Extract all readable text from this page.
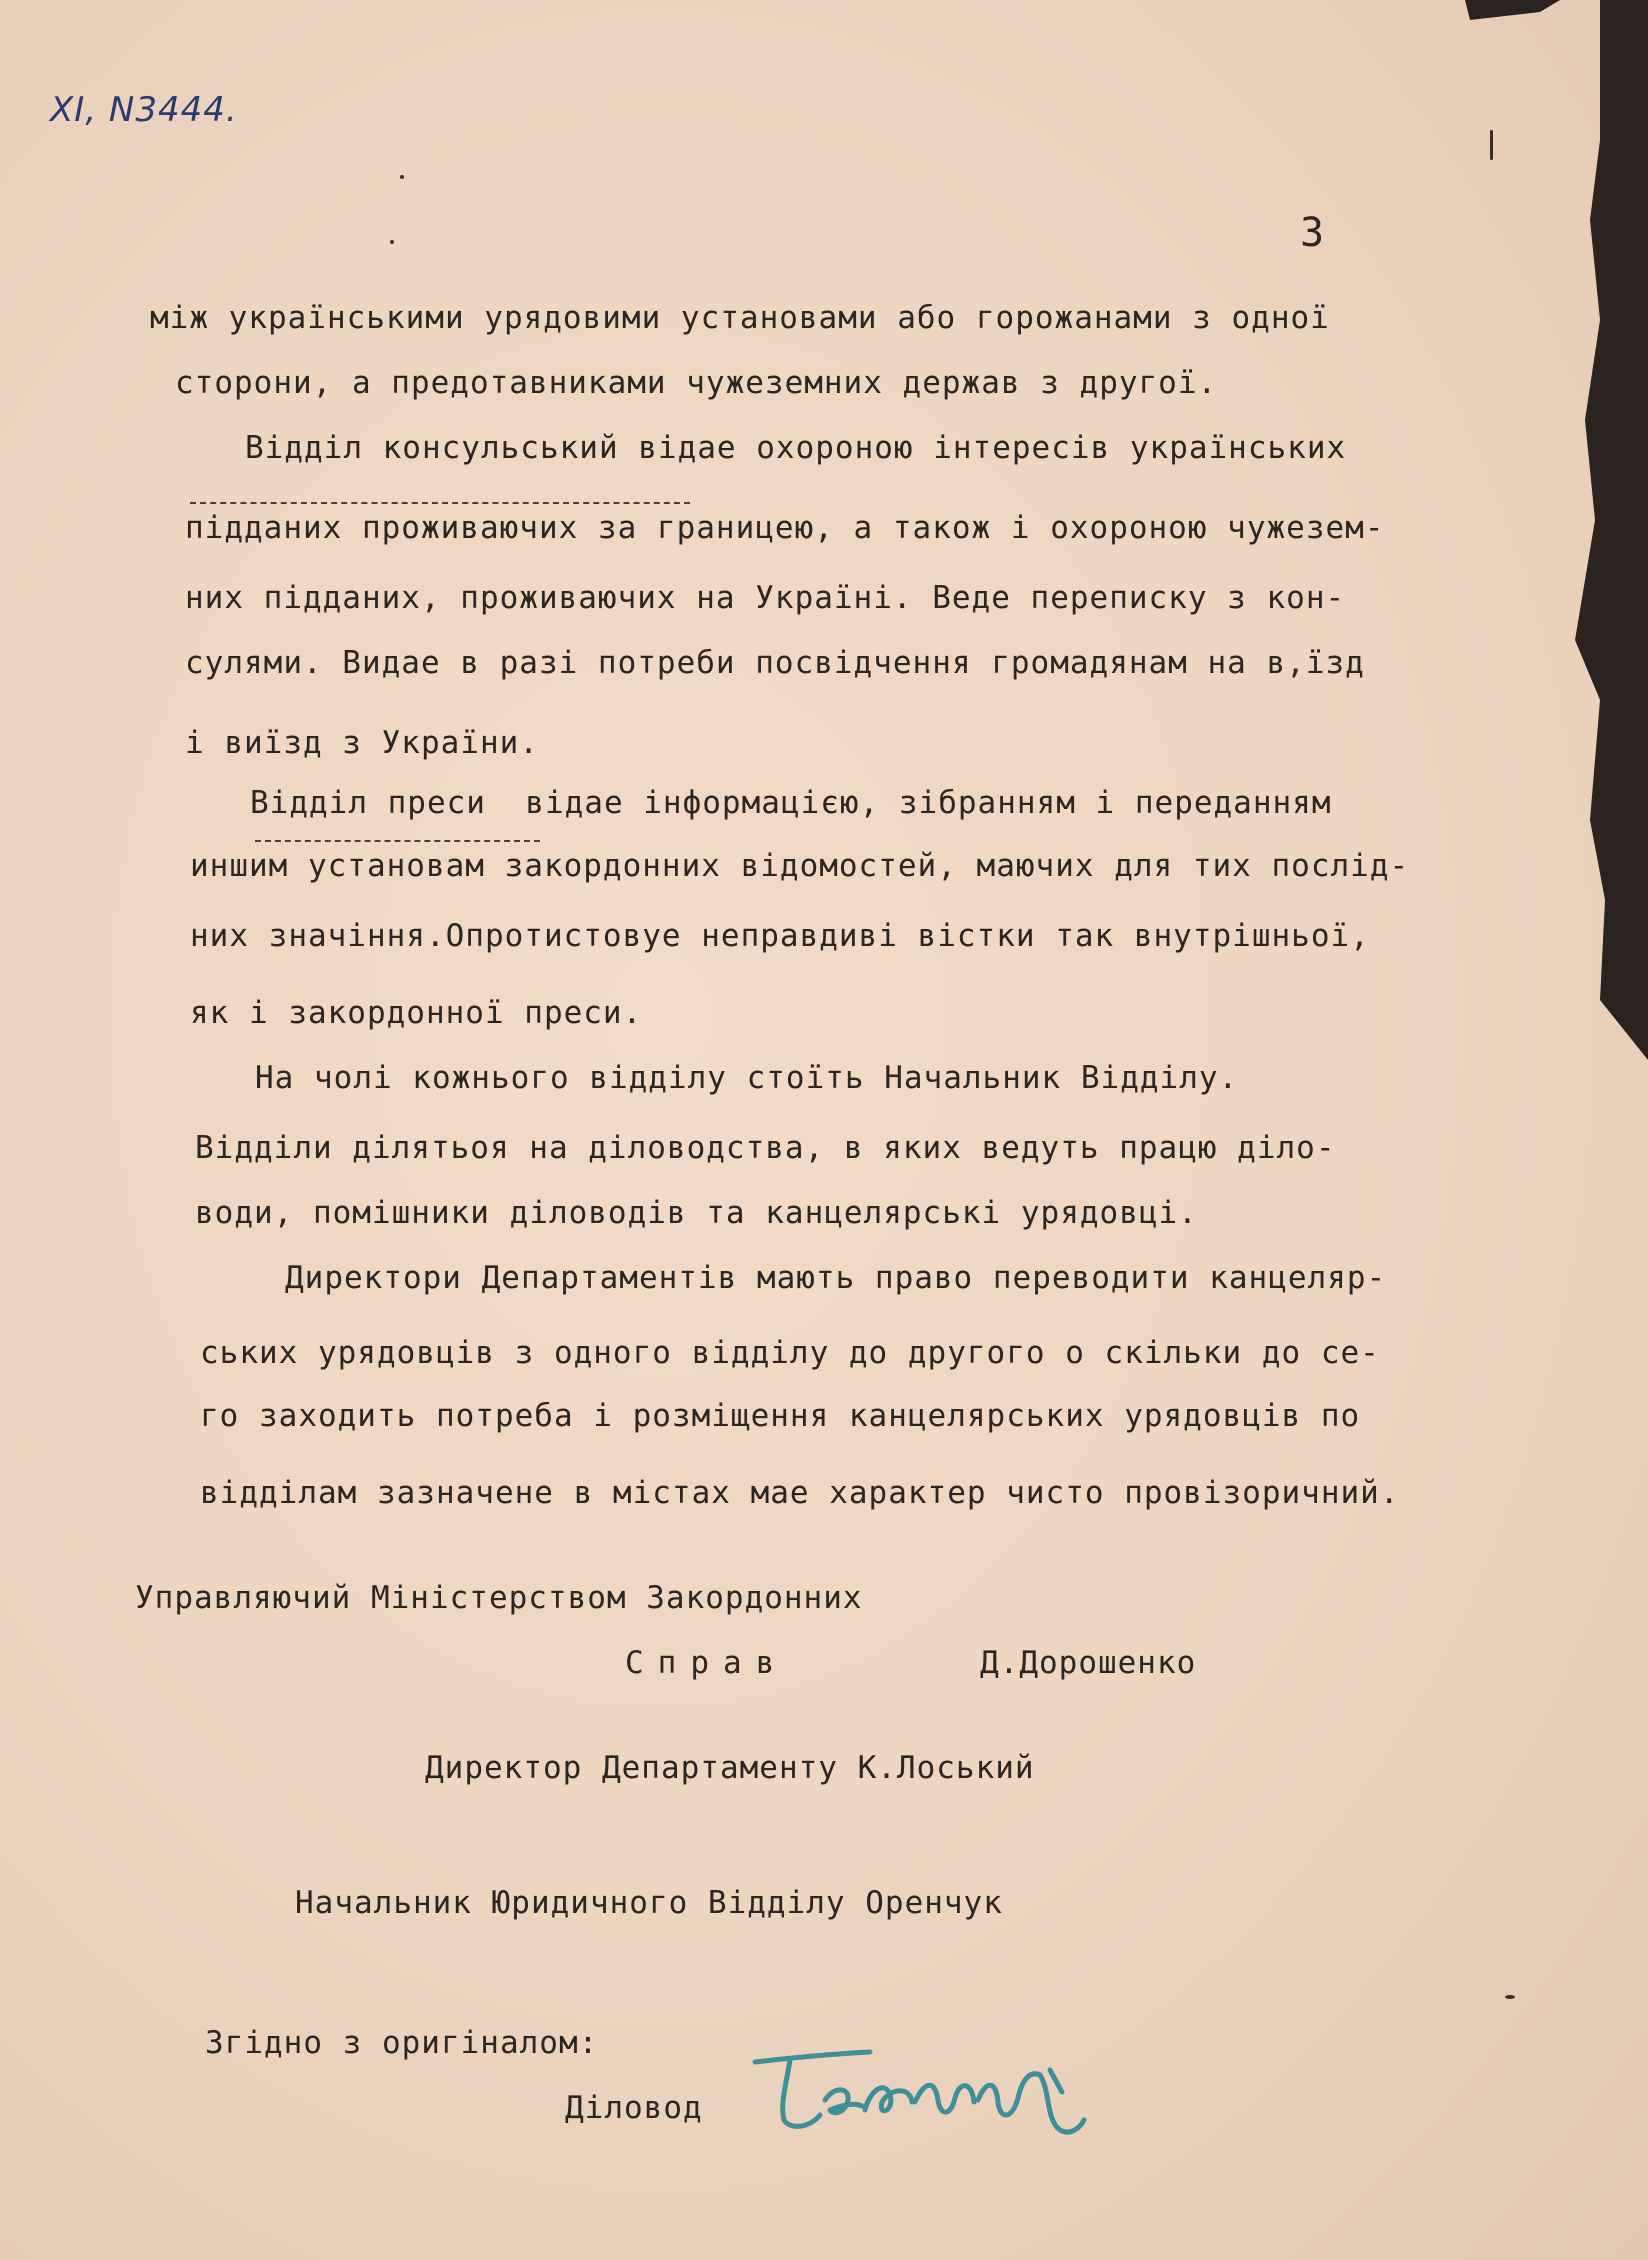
XI, N3444.
3
між українськими урядовими установами або горожанами з одної
сторони, а предотавниками чужеземних держав з другої.
Відділ консульський відае охороною інтересів українських
підданих проживаючих за границею, а також і охороною чужезем-
них підданих, проживаючих на Україні. Веде переписку з кон-
сулями. Видае в разі потреби посвідчення громадянам на в,їзд
і виїзд з України.
Відділ преси  відае інформацією, зібранням і переданням
иншим установам закордонних відомостей, маючих для тих послід-
них значіння.Опротистовуе неправдиві вістки так внутрішньої,
як і закордонної преси.
На чолі кожнього відділу стоїть Начальник Відділу.
Відділи ділятьоя на діловодства, в яких ведуть працю діло-
води, помішники діловодів та канцелярські урядовці.
Директори Департаментів мають право переводити канцеляр-
ських урядовців з одного відділу до другого о скільки до се-
го заходить потреба і розміщення канцелярських урядовців по
відділам зазначене в містах мае характер чисто провізоричний.
Управляючий Міністерством Закордонних
Справ	Д.Дорошенко
Директор Департаменту К.Лоський
Начальник Юридичного Відділу Оренчук
Згідно з оригіналом:
Діловод
